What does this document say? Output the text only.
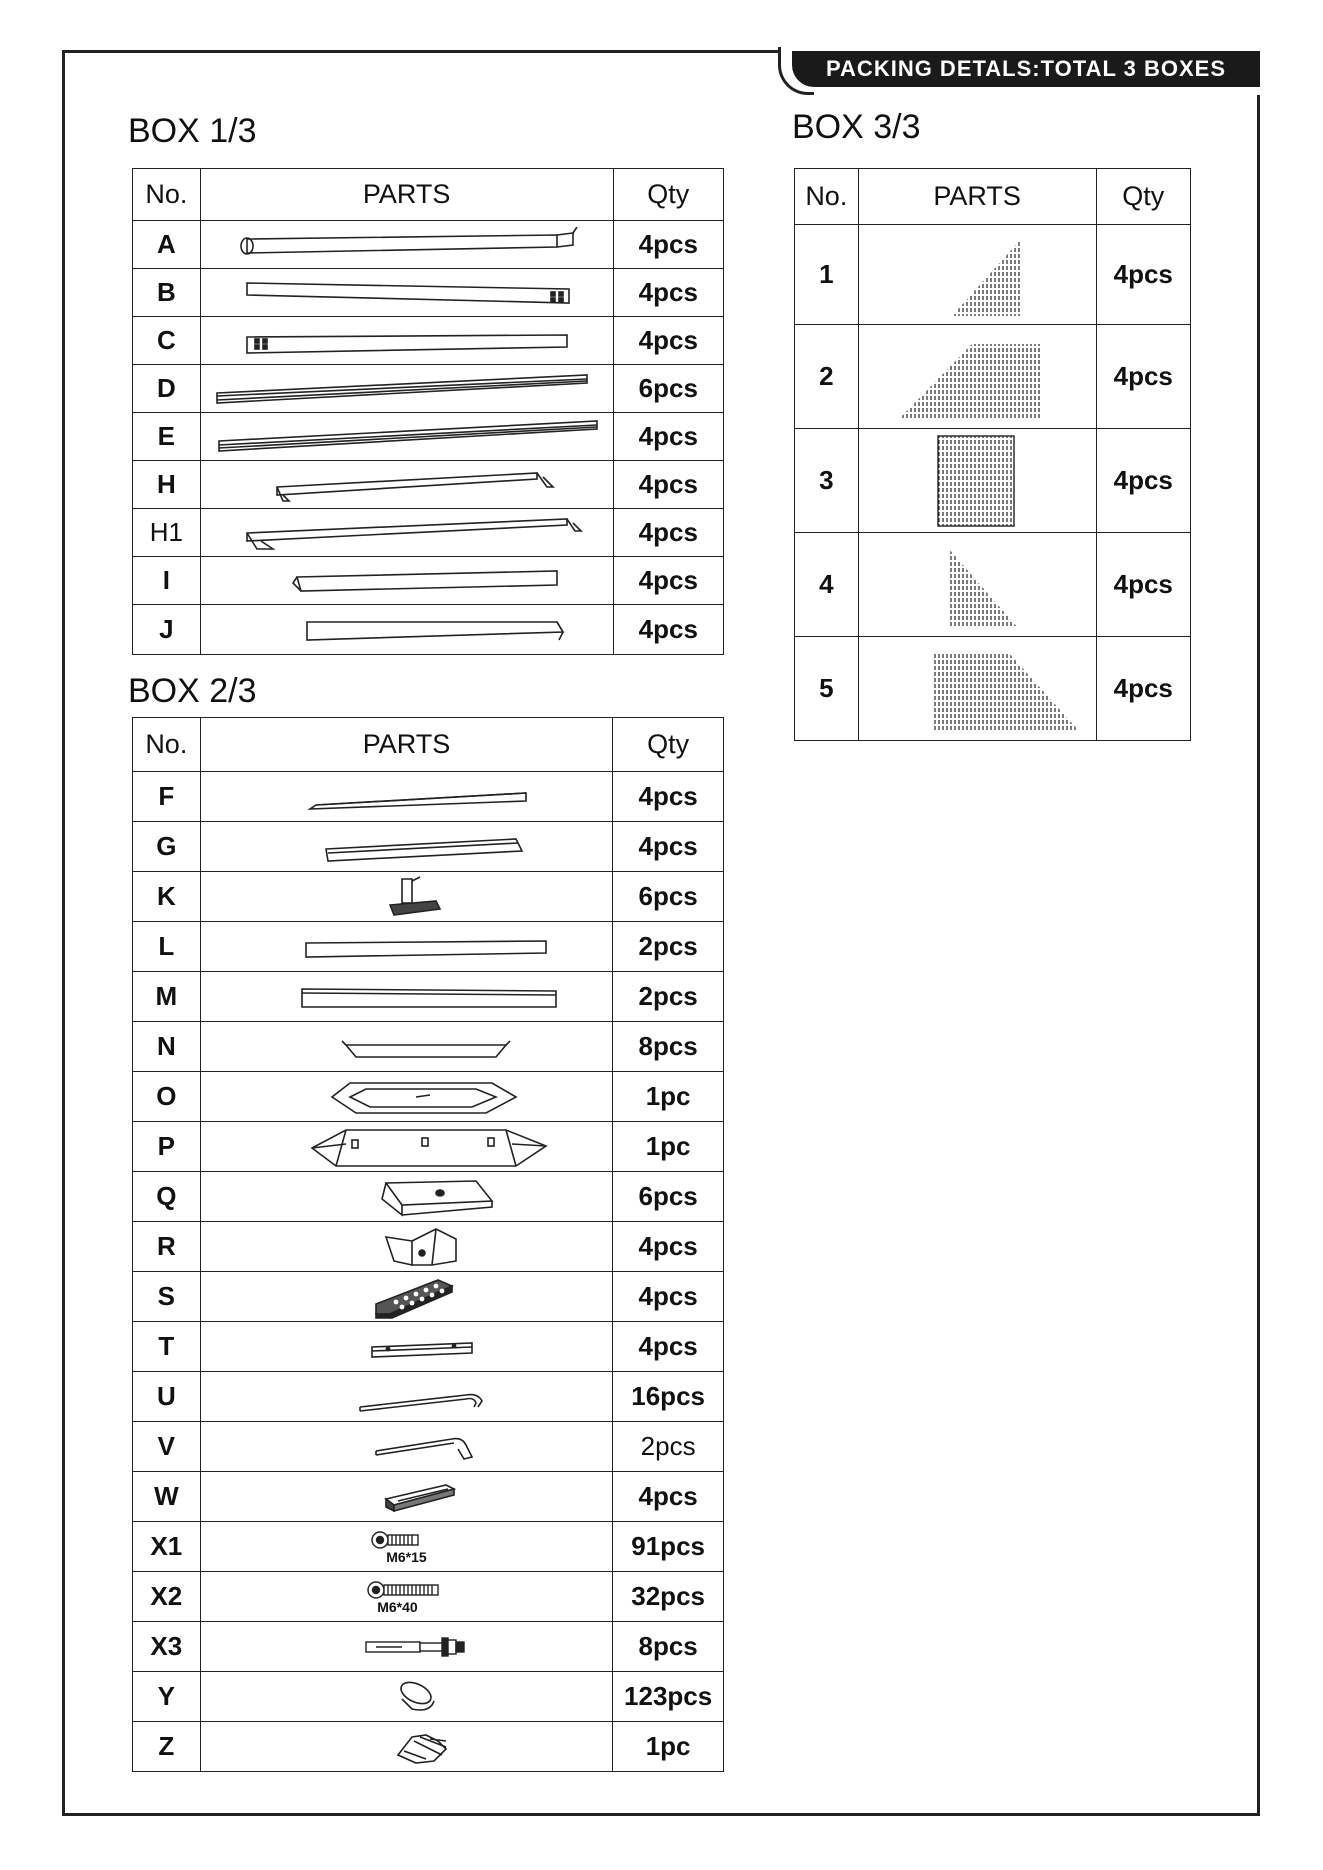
PACKING DETALS:TOTAL 3 BOXES
BOX 1/3
No.	PARTS	Qty
A		4pcs
B		4pcs
C		4pcs
D		6pcs
E		4pcs
H		4pcs
H1		4pcs
I		4pcs
J		4pcs
BOX 2/3
No.	PARTS	Qty
F		4pcs
G		4pcs
K		6pcs
L		2pcs
M		2pcs
N		8pcs
O		1pc
P		1pc
Q		6pcs
R		4pcs
S		4pcs
T		4pcs
U		16pcs
V		2pcs
W		4pcs
X1	M6*15	91pcs
X2	M6*40	32pcs
X3		8pcs
Y		123pcs
Z		1pc
BOX 3/3
No.	PARTS	Qty
1		4pcs
2		4pcs
3		4pcs
4		4pcs
5		4pcs
